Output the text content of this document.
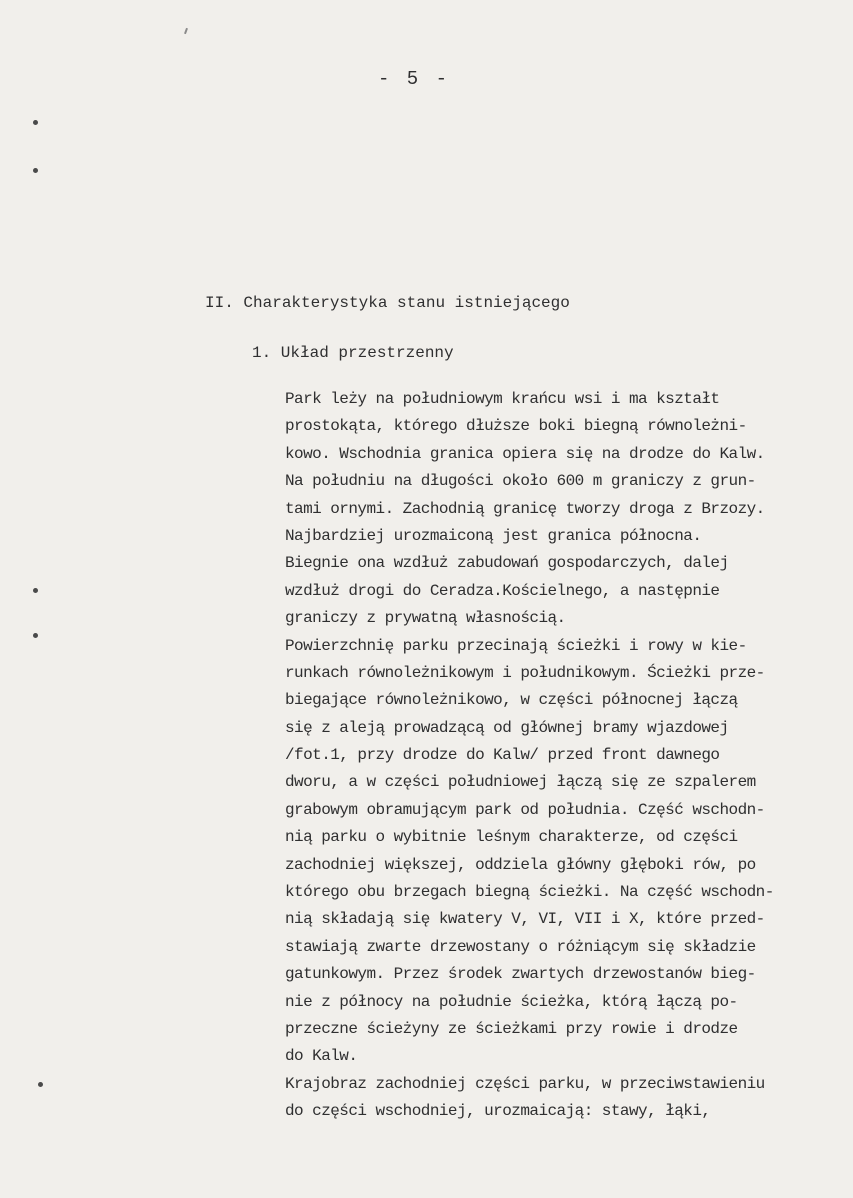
- 5 -
II. Charakterystyka stanu istniejącego
1. Układ przestrzenny
Park leży na południowym krańcu wsi i ma kształt
prostokąta, którego dłuższe boki biegną równoleżni-
kowo. Wschodnia granica opiera się na drodze do Kalw.
Na południu na długości około 600 m graniczy z grun-
tami ornymi. Zachodnią granicę tworzy droga z Brzozy.
Najbardziej urozmaiconą jest granica północna.
Biegnie ona wzdłuż zabudowań gospodarczych, dalej
wzdłuż drogi do Ceradza.Kościelnego, a następnie
graniczy z prywatną własnością.
Powierzchnię parku przecinają ścieżki i rowy w kie-
runkach równoleżnikowym i południkowym. Ścieżki prze-
biegające równoleżnikowo, w części północnej łączą
się z aleją prowadzącą od głównej bramy wjazdowej
/fot.1, przy drodze do Kalw/ przed front dawnego
dworu, a w części południowej łączą się ze szpalerem
grabowym obramującym park od południa. Część wschodn-
nią parku o wybitnie leśnym charakterze, od części
zachodniej większej, oddziela główny głęboki rów, po
którego obu brzegach biegną ścieżki. Na część wschodn-
nią składają się kwatery V, VI, VII i X, które przed-
stawiają zwarte drzewostany o różniącym się składzie
gatunkowym. Przez środek zwartych drzewostanów bieg-
nie z północy na południe ścieżka, którą łączą po-
przeczne ścieżyny ze ścieżkami przy rowie i drodze
do Kalw.
Krajobraz zachodniej części parku, w przeciwstawieniu
do części wschodniej, urozmaicają: stawy, łąki,
